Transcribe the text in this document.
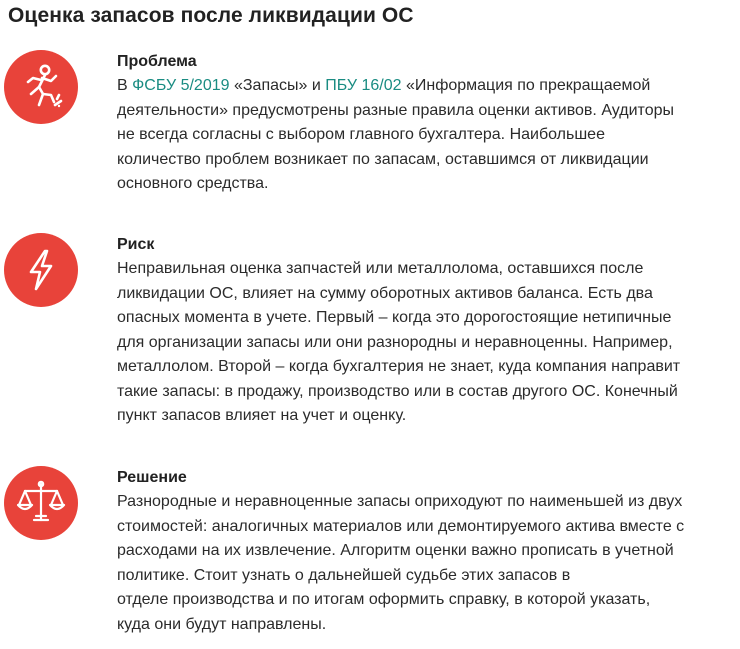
Оценка запасов после ликвидации ОС
Проблема
В ФСБУ 5/2019 «Запасы» и ПБУ 16/02 «Информация по прекращаемой
деятельности» предусмотрены разные правила оценки активов. Аудиторы
не всегда согласны с выбором главного бухгалтера. Наибольшее
количество проблем возникает по запасам, оставшимся от ликвидации
основного средства.
Риск
Неправильная оценка запчастей или металлолома, оставшихся после
ликвидации ОС, влияет на сумму оборотных активов баланса. Есть два
опасных момента в учете. Первый – когда это дорогостоящие нетипичные
для организации запасы или они разнородны и неравноценны. Например,
металлолом. Второй – когда бухгалтерия не знает, куда компания направит
такие запасы: в продажу, производство или в состав другого ОС. Конечный
пункт запасов влияет на учет и оценку.
Решение
Разнородные и неравноценные запасы оприходуют по наименьшей из двух
стоимостей: аналогичных материалов или демонтируемого актива вместе с
расходами на их извлечение. Алгоритм оценки важно прописать в учетной
политике. Стоит узнать о дальнейшей судьбе этих запасов в
отделе производства и по итогам оформить справку, в которой указать,
куда они будут направлены.
